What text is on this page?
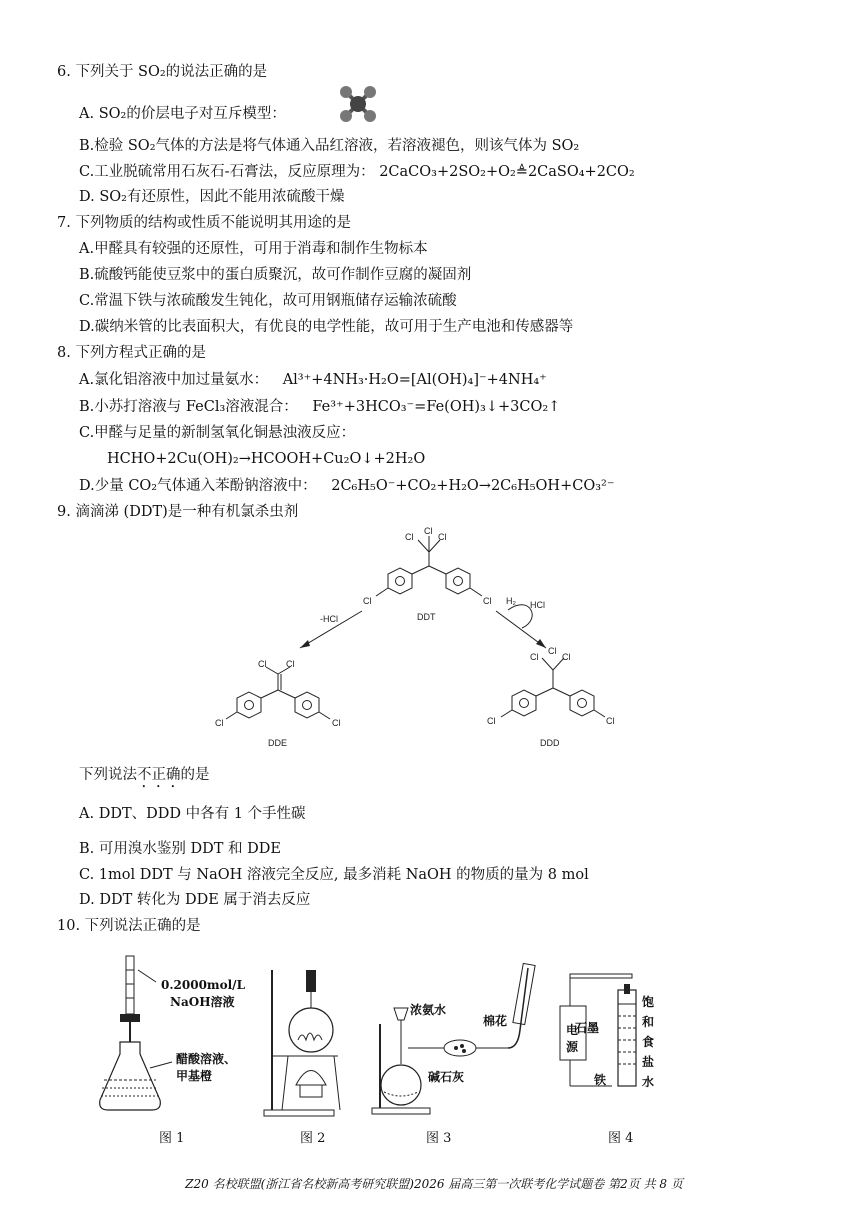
6. 下列关于 SO₂的说法正确的是
A. SO₂的价层电子对互斥模型：
B.检验 SO₂气体的方法是将气体通入品红溶液，若溶液褪色，则该气体为 SO₂
C.工业脱硫常用石灰石-石膏法，反应原理为： 2CaCO₃+2SO₂+O₂≜2CaSO₄+2CO₂
D. SO₂有还原性，因此不能用浓硫酸干燥
7. 下列物质的结构或性质不能说明其用途的是
A.甲醛具有较强的还原性，可用于消毒和制作生物标本
B.硫酸钙能使豆浆中的蛋白质聚沉，故可作制作豆腐的凝固剂
C.常温下铁与浓硫酸发生钝化，故可用钢瓶储存运输浓硫酸
D.碳纳米管的比表面积大，有优良的电学性能，故可用于生产电池和传感器等
8. 下列方程式正确的是
A.氯化铝溶液中加过量氨水： Al³⁺+4NH₃·H₂O=[Al(OH)₄]⁻+4NH₄⁺
B.小苏打溶液与 FeCl₃溶液混合： Fe³⁺+3HCO₃⁻=Fe(OH)₃↓+3CO₂↑
C.甲醛与足量的新制氢氧化铜悬浊液反应：
HCHO+2Cu(OH)₂→HCOOH+Cu₂O↓+2H₂O
D.少量 CO₂气体通入苯酚钠溶液中： 2C₆H₅O⁻+CO₂+H₂O→2C₆H₅OH+CO₃²⁻
9. 滴滴涕 (DDT)是一种有机氯杀虫剂
Cl
Cl	Cl
Cl	Cl
DDT
-HCl
H₂ HCl
Cl Cl
Cl	Cl
DDE
Cl
Cl	Cl
Cl	Cl
DDD
下列说法不正确的是
A. DDT、DDD 中各有 1 个手性碳
B. 可用溴水鉴别 DDT 和 DDE
C. 1mol DDT 与 NaOH 溶液完全反应, 最多消耗 NaOH 的物质的量为 8 mol
D. DDT 转化为 DDE 属于消去反应
10. 下列说法正确的是
0.2000mol/L
NaOH溶液
醋酸溶液、
甲基橙
图 1	图 2
浓氨水
棉花
碱石灰
图 3
石墨
电
源
铁
饱
和
食
盐
水
图 4
Z20 名校联盟(浙江省名校新高考研究联盟)2026 届高三第一次联考化学试题卷 第2页 共 8 页
